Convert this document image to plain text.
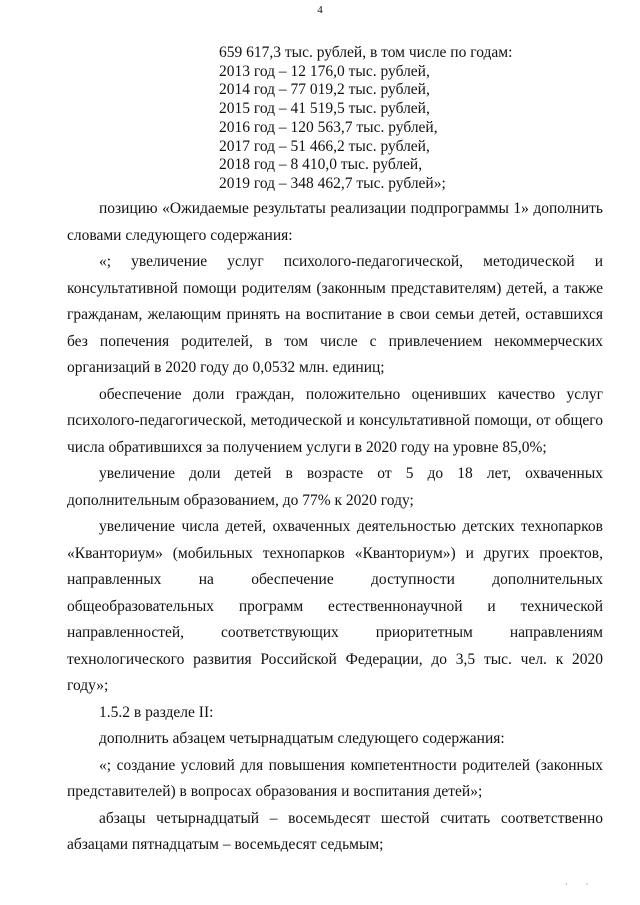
4
659 617,3 тыс. рублей, в том числе по годам:
2013 год – 12 176,0 тыс. рублей,
2014 год – 77 019,2 тыс. рублей,
2015 год – 41 519,5 тыс. рублей,
2016 год – 120 563,7 тыс. рублей,
2017 год – 51 466,2 тыс. рублей,
2018 год – 8 410,0 тыс. рублей,
2019 год – 348 462,7 тыс. рублей»;

позицию «Ожидаемые результаты реализации подпрограммы 1» дополнить словами следующего содержания:

«; увеличение услуг психолого-педагогической, методической и консультативной помощи родителям (законным представителям) детей, а также гражданам, желающим принять на воспитание в свои семьи детей, оставшихся без попечения родителей, в том числе с привлечением некоммерческих организаций в 2020 году до 0,0532 млн. единиц;

обеспечение доли граждан, положительно оценивших качество услуг психолого-педагогической, методической и консультативной помощи, от общего числа обратившихся за получением услуги в 2020 году на уровне 85,0%;

увеличение доли детей в возрасте от 5 до 18 лет, охваченных дополнительным образованием, до 77% к 2020 году;

увеличение числа детей, охваченных деятельностью детских технопарков «Кванториум» (мобильных технопарков «Кванториум») и других проектов, направленных на обеспечение доступности дополнительных общеобразовательных программ естественнонаучной и технической направленностей, соответствующих приоритетным направлениям технологического развития Российской Федерации, до 3,5 тыс. чел. к 2020 году»;

1.5.2 в разделе II:

дополнить абзацем четырнадцатым следующего содержания:

«; создание условий для повышения компетентности родителей (законных представителей) в вопросах образования и воспитания детей»;

абзацы четырнадцатый – восемьдесят шестой считать соответственно абзацами пятнадцатым – восемьдесят седьмым;

· ·
